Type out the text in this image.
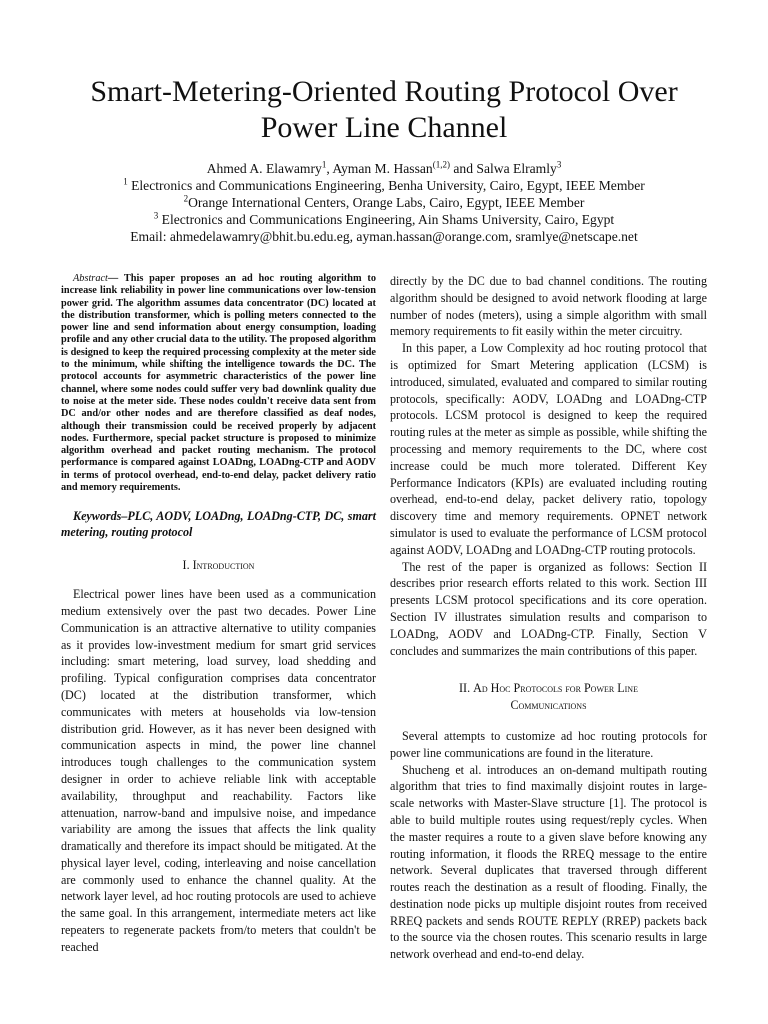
Smart-Metering-Oriented Routing Protocol Over
Power Line Channel
Ahmed A. Elawamry$^1$, Ayman M. Hassan$^{(1,2)}$ and Salwa Elramly$^3$
$^1$ Electronics and Communications Engineering, Benha University, Cairo, Egypt, IEEE Member
$^2$Orange International Centers, Orange Labs, Cairo, Egypt, IEEE Member
$^3$ Electronics and Communications Engineering, Ain Shams University, Cairo, Egypt
Email: ahmedelawamry@bhit.bu.edu.eg, ayman.hassan@orange.com, sramlye@netscape.net

Abstract— This paper proposes an ad hoc routing algorithm to increase link reliability in power line communications over low-tension power grid. The algorithm assumes data concentrator (DC) located at the distribution transformer, which is polling meters connected to the power line and send information about energy consumption, loading profile and any other crucial data to the utility. The proposed algorithm is designed to keep the required processing complexity at the meter side to the minimum, while shifting the intelligence towards the DC. The protocol accounts for asymmetric characteristics of the power line channel, where some nodes could suffer very bad downlink quality due to noise at the meter side. These nodes couldn't receive data sent from DC and/or other nodes and are therefore classified as deaf nodes, although their transmission could be received properly by adjacent nodes. Furthermore, special packet structure is proposed to minimize algorithm overhead and packet routing mechanism. The protocol performance is compared against LOADng, LOADng-CTP and AODV in terms of protocol overhead, end-to-end delay, packet delivery ratio and memory requirements.

Keywords–PLC, AODV, LOADng, LOADng-CTP, DC, smart metering, routing protocol

I. Introduction

Electrical power lines have been used as a communication medium extensively over the past two decades. Power Line Communication is an attractive alternative to utility companies as it provides low-investment medium for smart grid services including: smart metering, load survey, load shedding and profiling. Typical configuration comprises data concentrator (DC) located at the distribution transformer, which communicates with meters at households via low-tension distribution grid. However, as it has never been designed with communication aspects in mind, the power line channel introduces tough challenges to the communication system designer in order to achieve reliable link with acceptable availability, throughput and reachability. Factors like attenuation, narrow-band and impulsive noise, and impedance variability are among the issues that affects the link quality dramatically and therefore its impact should be mitigated. At the physical layer level, coding, interleaving and noise cancellation are commonly used to enhance the channel quality. At the network layer level, ad hoc routing protocols are used to achieve the same goal. In this arrangement, intermediate meters act like repeaters to regenerate packets from/to meters that couldn't be reached

directly by the DC due to bad channel conditions. The routing algorithm should be designed to avoid network flooding at large number of nodes (meters), using a simple algorithm with small memory requirements to fit easily within the meter circuitry.

In this paper, a Low Complexity ad hoc routing protocol that is optimized for Smart Metering application (LCSM) is introduced, simulated, evaluated and compared to similar routing protocols, specifically: AODV, LOADng and LOADng-CTP protocols. LCSM protocol is designed to keep the required routing rules at the meter as simple as possible, while shifting the processing and memory requirements to the DC, where cost increase could be much more tolerated. Different Key Performance Indicators (KPIs) are evaluated including routing overhead, end-to-end delay, packet delivery ratio, topology discovery time and memory requirements. OPNET network simulator is used to evaluate the performance of LCSM protocol against AODV, LOADng and LOADng-CTP routing protocols.

The rest of the paper is organized as follows: Section II describes prior research efforts related to this work. Section III presents LCSM protocol specifications and its core operation. Section IV illustrates simulation results and comparison to LOADng, AODV and LOADng-CTP. Finally, Section V concludes and summarizes the main contributions of this paper.

II. Ad Hoc Protocols for Power Line
Communications

Several attempts to customize ad hoc routing protocols for power line communications are found in the literature.

Shucheng et al. introduces an on-demand multipath routing algorithm that tries to find maximally disjoint routes in large-scale networks with Master-Slave structure [1]. The protocol is able to build multiple routes using request/reply cycles. When the master requires a route to a given slave before knowing any routing information, it floods the RREQ message to the entire network. Several duplicates that traversed through different routes reach the destination as a result of flooding. Finally, the destination node picks up multiple disjoint routes from received RREQ packets and sends ROUTE REPLY (RREP) packets back to the source via the chosen routes. This scenario results in large network overhead and end-to-end delay.
